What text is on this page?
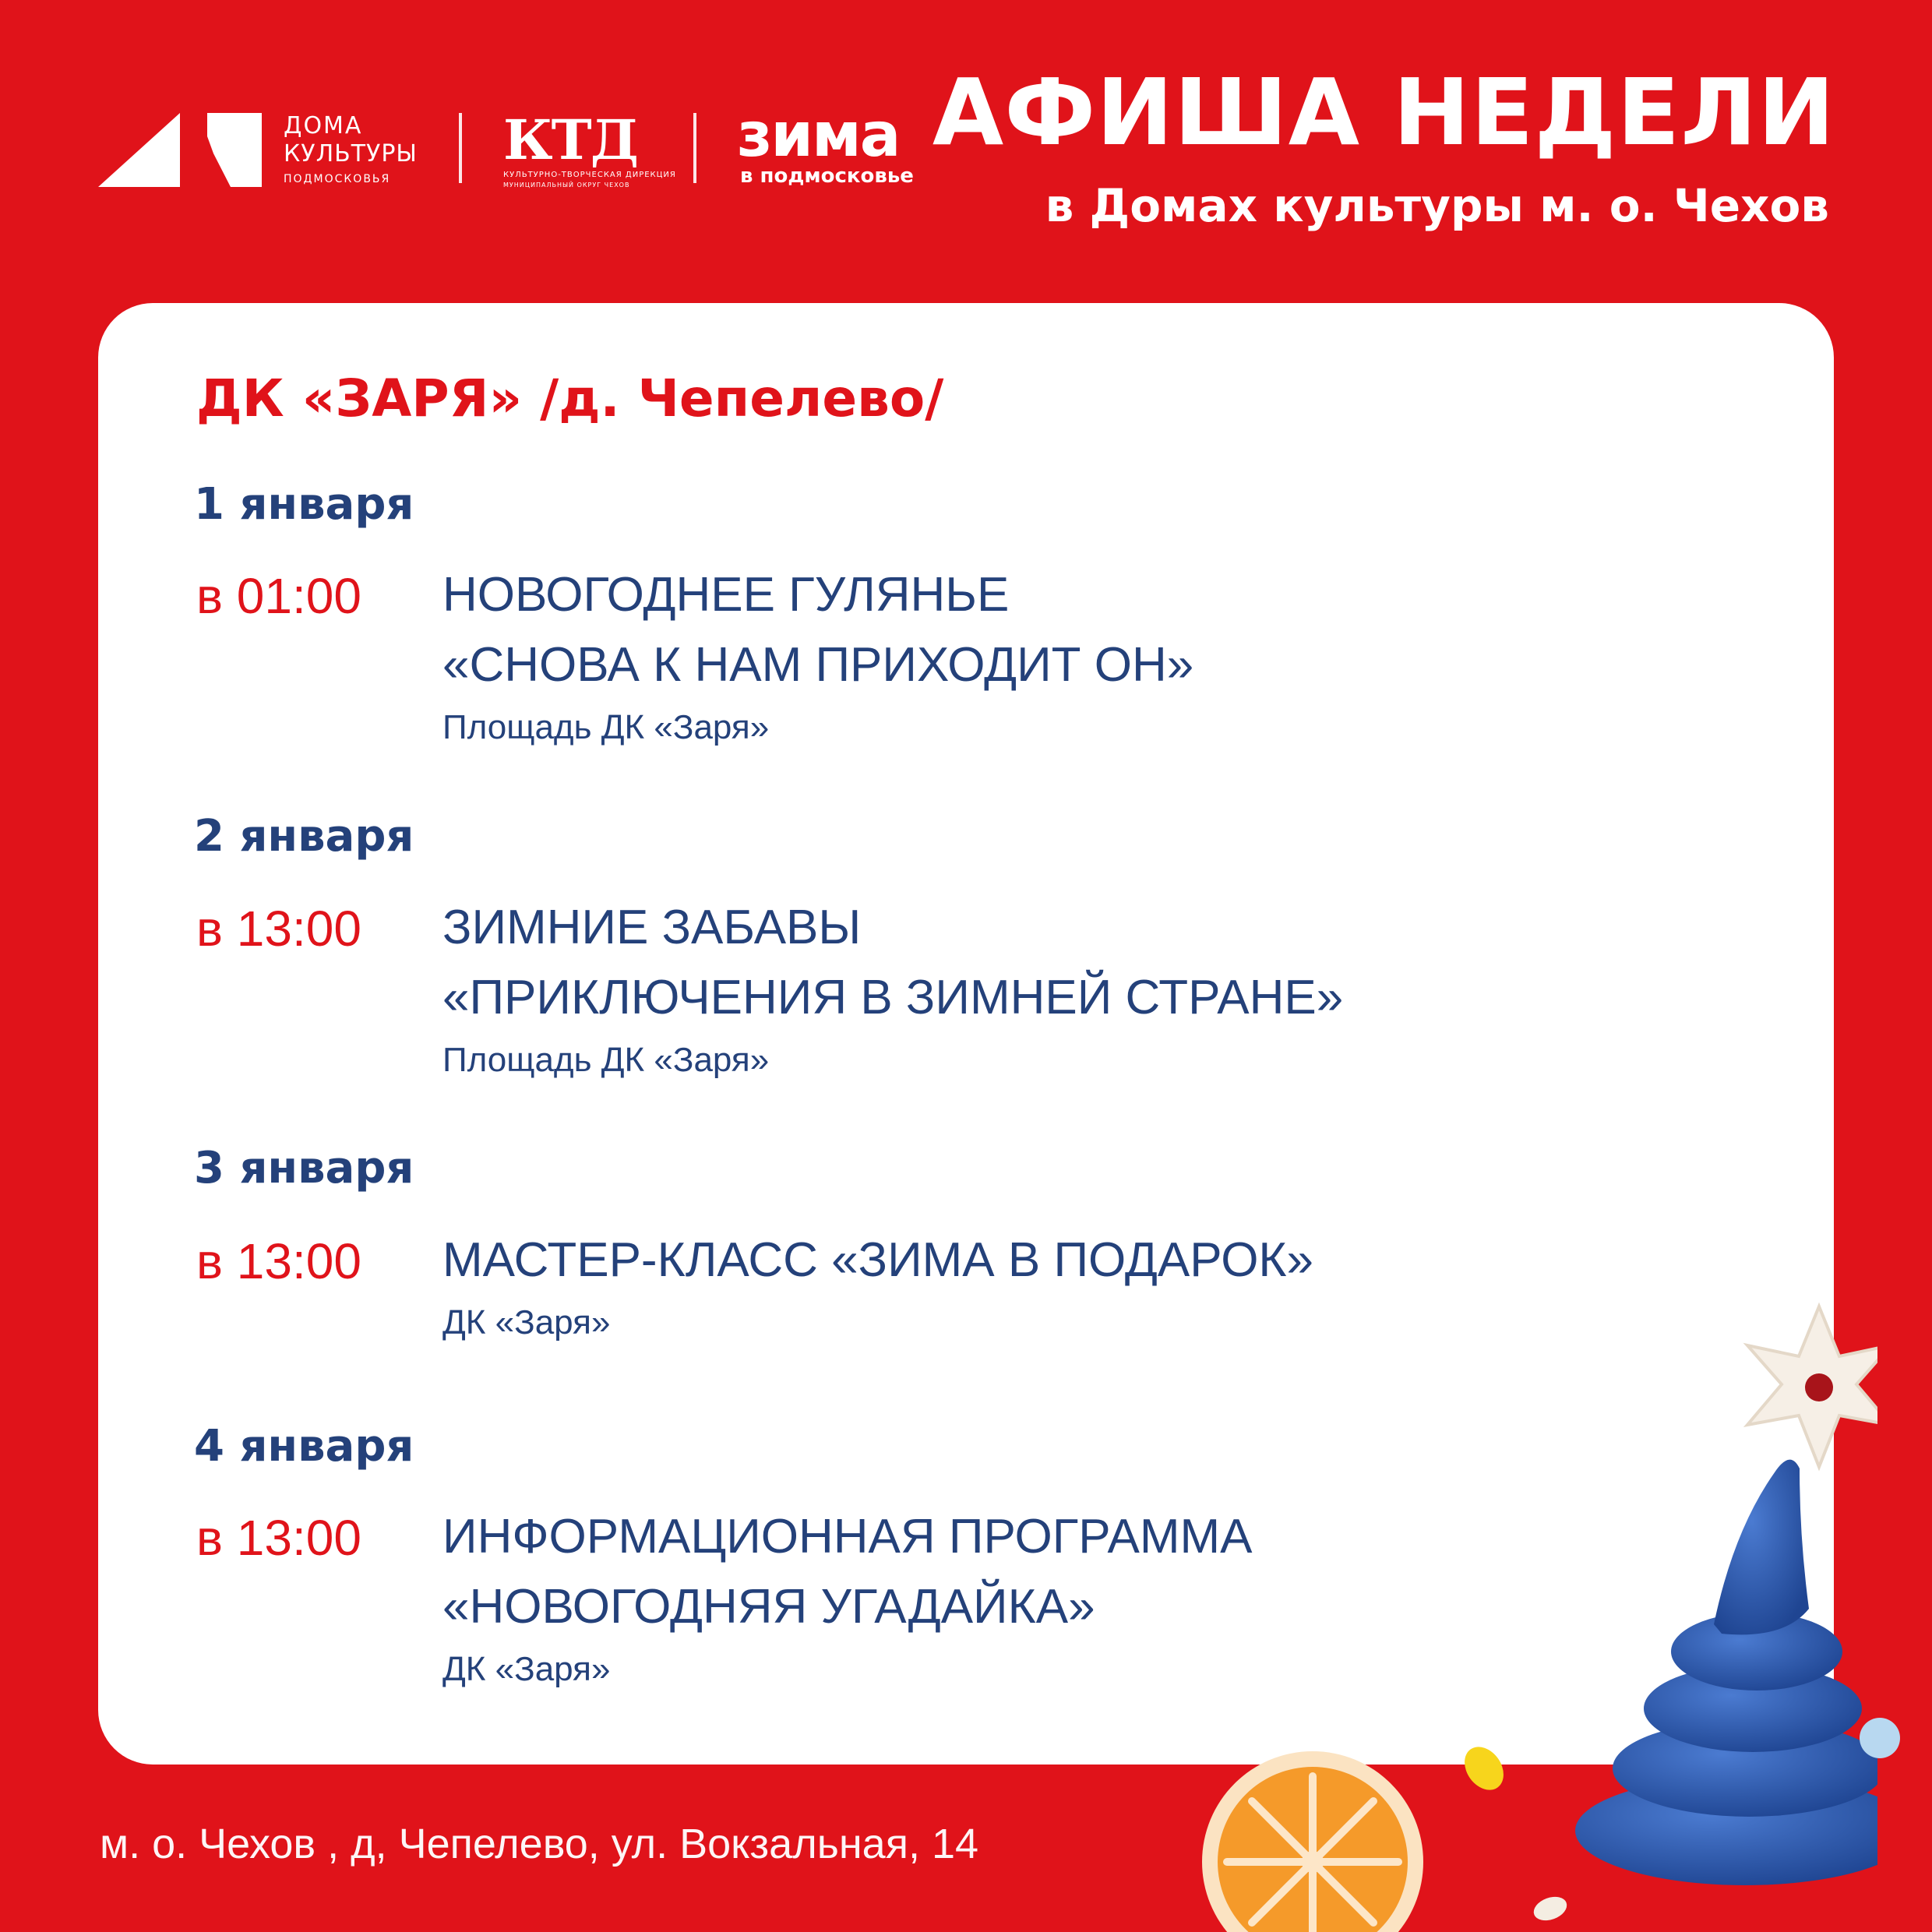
ДОМА
КУЛЬТУРЫ
ПОДМОСКОВЬЯ
КТД
КУЛЬТУРНО-ТВОРЧЕСКАЯ ДИРЕКЦИЯ
МУНИЦИПАЛЬНЫЙ ОКРУГ ЧЕХОВ
зима
в подмосковье
АФИША НЕДЕЛИ
в Домах культуры м. о. Чехов
ДК «ЗАРЯ» /д. Чепелево/
1 января
в 01:00 НОВОГОДНЕЕ ГУЛЯНЬЕ
«СНОВА К НАМ ПРИХОДИТ ОН»
Площадь ДК «Заря»
2 января
в 13:00 ЗИМНИЕ ЗАБАВЫ
«ПРИКЛЮЧЕНИЯ В ЗИМНЕЙ СТРАНЕ»
Площадь ДК «Заря»
3 января
в 13:00 МАСТЕР-КЛАСС «ЗИМА В ПОДАРОК»
ДК «Заря»
4 января
в 13:00 ИНФОРМАЦИОННАЯ ПРОГРАММА
«НОВОГОДНЯЯ УГАДАЙКА»
ДК «Заря»
м. о. Чехов , д, Чепелево, ул. Вокзальная, 14
